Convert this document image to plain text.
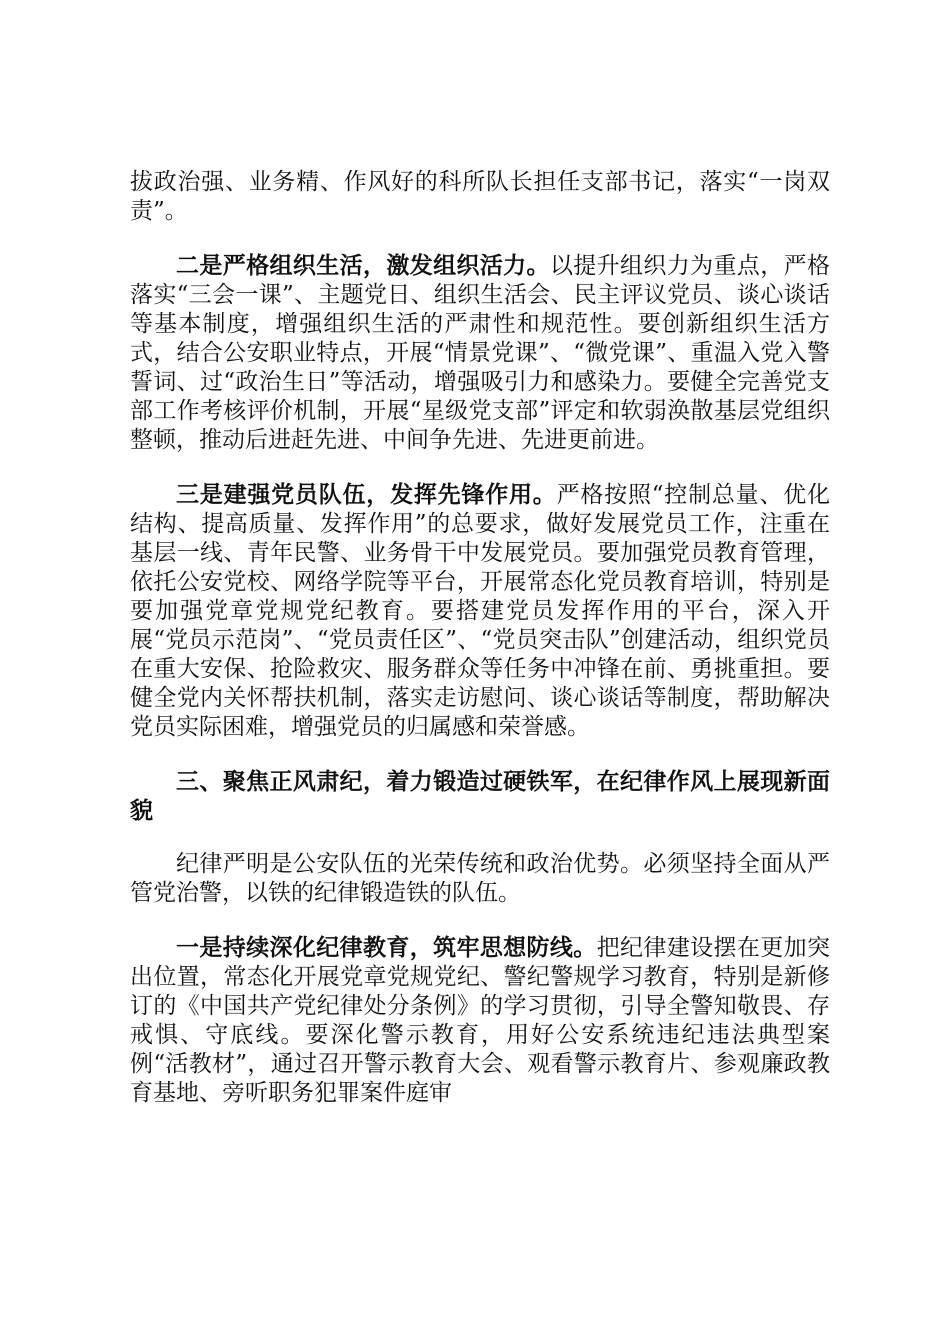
拔政治强、业务精、作风好的科所队长担任支部书记，落实“一岗双责”。

二是严格组织生活，激发组织活力。以提升组织力为重点，严格落实“三会一课”、主题党日、组织生活会、民主评议党员、谈心谈话等基本制度，增强组织生活的严肃性和规范性。要创新组织生活方式，结合公安职业特点，开展“情景党课”、“微党课”、重温入党入警誓词、过“政治生日”等活动，增强吸引力和感染力。要健全完善党支部工作考核评价机制，开展“星级党支部”评定和软弱涣散基层党组织整顿，推动后进赶先进、中间争先进、先进更前进。

三是建强党员队伍，发挥先锋作用。严格按照“控制总量、优化结构、提高质量、发挥作用”的总要求，做好发展党员工作，注重在基层一线、青年民警、业务骨干中发展党员。要加强党员教育管理，依托公安党校、网络学院等平台，开展常态化党员教育培训，特别是要加强党章党规党纪教育。要搭建党员发挥作用的平台，深入开展“党员示范岗”、“党员责任区”、“党员突击队”创建活动，组织党员在重大安保、抢险救灾、服务群众等任务中冲锋在前、勇挑重担。要健全党内关怀帮扶机制，落实走访慰问、谈心谈话等制度，帮助解决党员实际困难，增强党员的归属感和荣誉感。

三、聚焦正风肃纪，着力锻造过硬铁军，在纪律作风上展现新面貌

纪律严明是公安队伍的光荣传统和政治优势。必须坚持全面从严管党治警，以铁的纪律锻造铁的队伍。

一是持续深化纪律教育，筑牢思想防线。把纪律建设摆在更加突出位置，常态化开展党章党规党纪、警纪警规学习教育，特别是新修订的《中国共产党纪律处分条例》的学习贯彻，引导全警知敬畏、存戒惧、守底线。要深化警示教育，用好公安系统违纪违法典型案例“活教材”，通过召开警示教育大会、观看警示教育片、参观廉政教育基地、旁听职务犯罪案件庭审
